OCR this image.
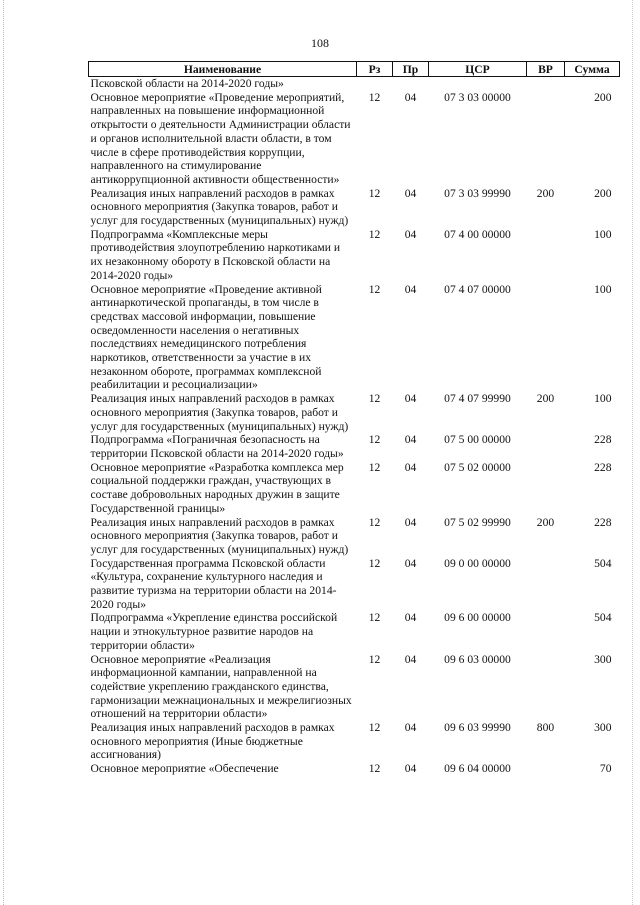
108
Наименование	Рз	Пр	ЦСР	ВР	Сумма
Псковской области на 2014-2020 годы»					
Основное мероприятие «Проведение мероприятий, направленных на повышение информационной открытости о деятельности Администрации области и органов исполнительной власти области, в том числе в сфере противодействия коррупции, направленного на стимулирование антикоррупционной активности общественности»	12	04	07 3 03 00000		200
Реализация иных направлений расходов в рамках основного мероприятия (Закупка товаров, работ и услуг для государственных (муниципальных) нужд)	12	04	07 3 03 99990	200	200
Подпрограмма «Комплексные меры противодействия злоупотреблению наркотиками и их незаконному обороту в Псковской области на 2014-2020 годы»	12	04	07 4 00 00000		100
Основное мероприятие «Проведение активной антинаркотической пропаганды, в том числе в средствах массовой информации, повышение осведомленности населения о негативных последствиях немедицинского потребления наркотиков, ответственности за участие в их незаконном обороте, программах комплексной реабилитации и ресоциализации»	12	04	07 4 07 00000		100
Реализация иных направлений расходов в рамках основного мероприятия (Закупка товаров, работ и услуг для государственных (муниципальных) нужд)	12	04	07 4 07 99990	200	100
Подпрограмма «Пограничная безопасность на территории Псковской области на 2014-2020 годы»	12	04	07 5 00 00000		228
Основное мероприятие «Разработка комплекса мер социальной поддержки граждан, участвующих в составе добровольных народных дружин в защите Государственной границы»	12	04	07 5 02 00000		228
Реализация иных направлений расходов в рамках основного мероприятия (Закупка товаров, работ и услуг для государственных (муниципальных) нужд)	12	04	07 5 02 99990	200	228
Государственная программа Псковской области «Культура, сохранение культурного наследия и развитие туризма на территории области на 2014-2020 годы»	12	04	09 0 00 00000		504
Подпрограмма «Укрепление единства российской нации и этнокультурное развитие народов на территории области»	12	04	09 6 00 00000		504
Основное мероприятие «Реализация информационной кампании, направленной на содействие укреплению гражданского единства, гармонизации межнациональных и межрелигиозных отношений на территории области»	12	04	09 6 03 00000		300
Реализация иных направлений расходов в рамках основного мероприятия (Иные бюджетные ассигнования)	12	04	09 6 03 99990	800	300
Основное мероприятие «Обеспечение	12	04	09 6 04 00000		70
